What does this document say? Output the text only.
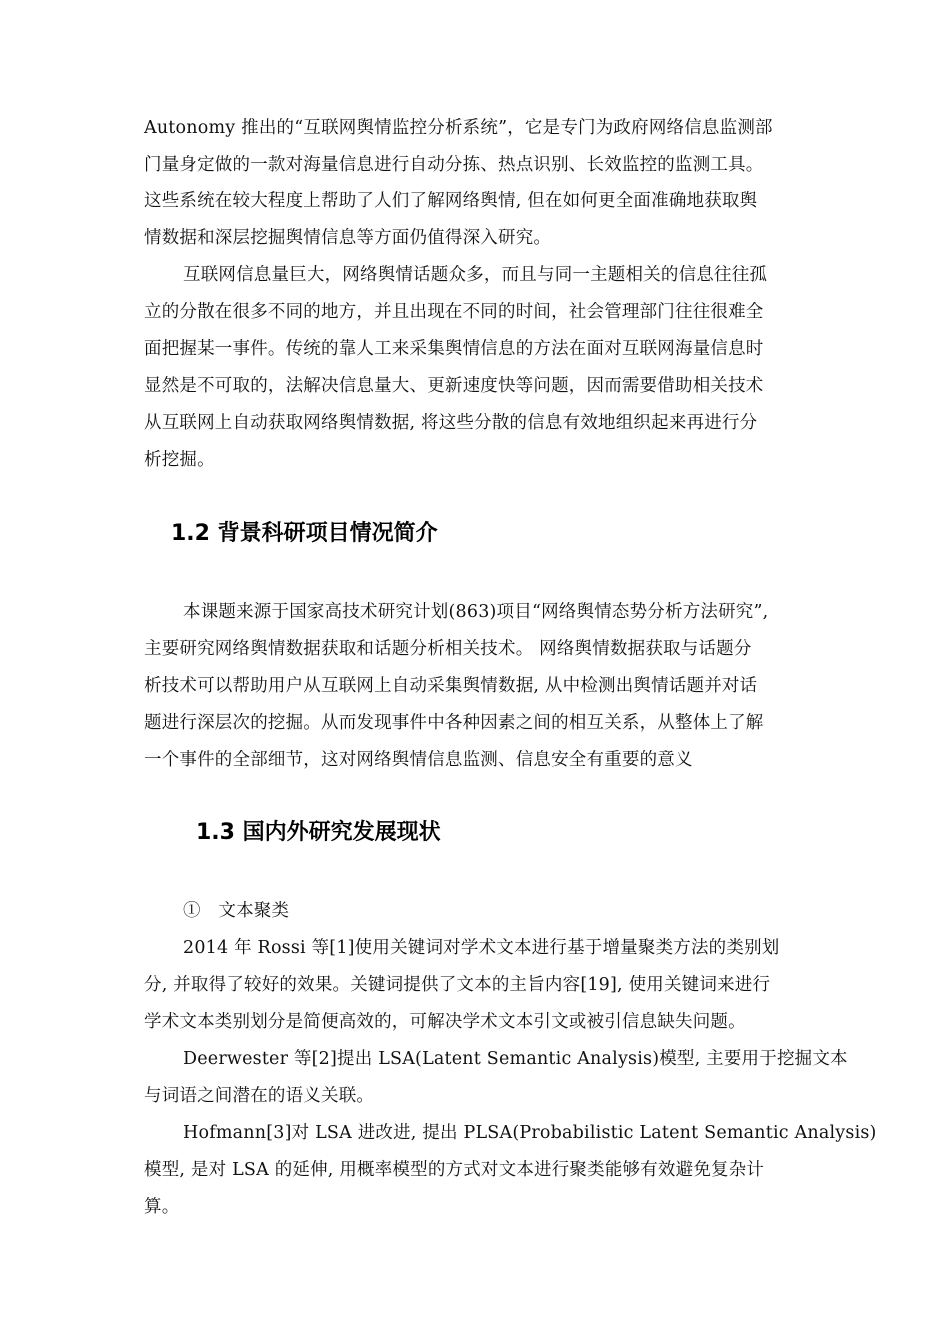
Autonomy 推出的“互联网舆情监控分析系统”，它是专门为政府网络信息监测部
门量身定做的一款对海量信息进行自动分拣、热点识别、长效监控的监测工具。
这些系统在较大程度上帮助了人们了解网络舆情, 但在如何更全面准确地获取舆
情数据和深层挖掘舆情信息等方面仍值得深入研究。
互联网信息量巨大，网络舆情话题众多，而且与同一主题相关的信息往往孤
立的分散在很多不同的地方，并且出现在不同的时间，社会管理部门往往很难全
面把握某一事件。传统的靠人工来采集舆情信息的方法在面对互联网海量信息时
显然是不可取的，法解决信息量大、更新速度快等问题，因而需要借助相关技术
从互联网上自动获取网络舆情数据, 将这些分散的信息有效地组织起来再进行分
析挖掘。
1.2 背景科研项目情况简介
本课题来源于国家高技术研究计划(863)项目“网络舆情态势分析方法研究”,
主要研究网络舆情数据获取和话题分析相关技术。 网络舆情数据获取与话题分
析技术可以帮助用户从互联网上自动采集舆情数据, 从中检测出舆情话题并对话
题进行深层次的挖掘。从而发现事件中各种因素之间的相互关系，从整体上了解
一个事件的全部细节，这对网络舆情信息监测、信息安全有重要的意义
1.3 国内外研究发展现状
①　文本聚类
2014 年 Rossi 等[1]使用关键词对学术文本进行基于增量聚类方法的类别划
分, 并取得了较好的效果。关键词提供了文本的主旨内容[19], 使用关键词来进行
学术文本类别划分是简便高效的，可解决学术文本引文或被引信息缺失问题。
Deerwester 等[2]提出 LSA(Latent Semantic Analysis)模型, 主要用于挖掘文本
与词语之间潜在的语义关联。
Hofmann[3]对 LSA 进改进, 提出 PLSA(Probabilistic Latent Semantic Analysis)
模型, 是对 LSA 的延伸, 用概率模型的方式对文本进行聚类能够有效避免复杂计
算。
